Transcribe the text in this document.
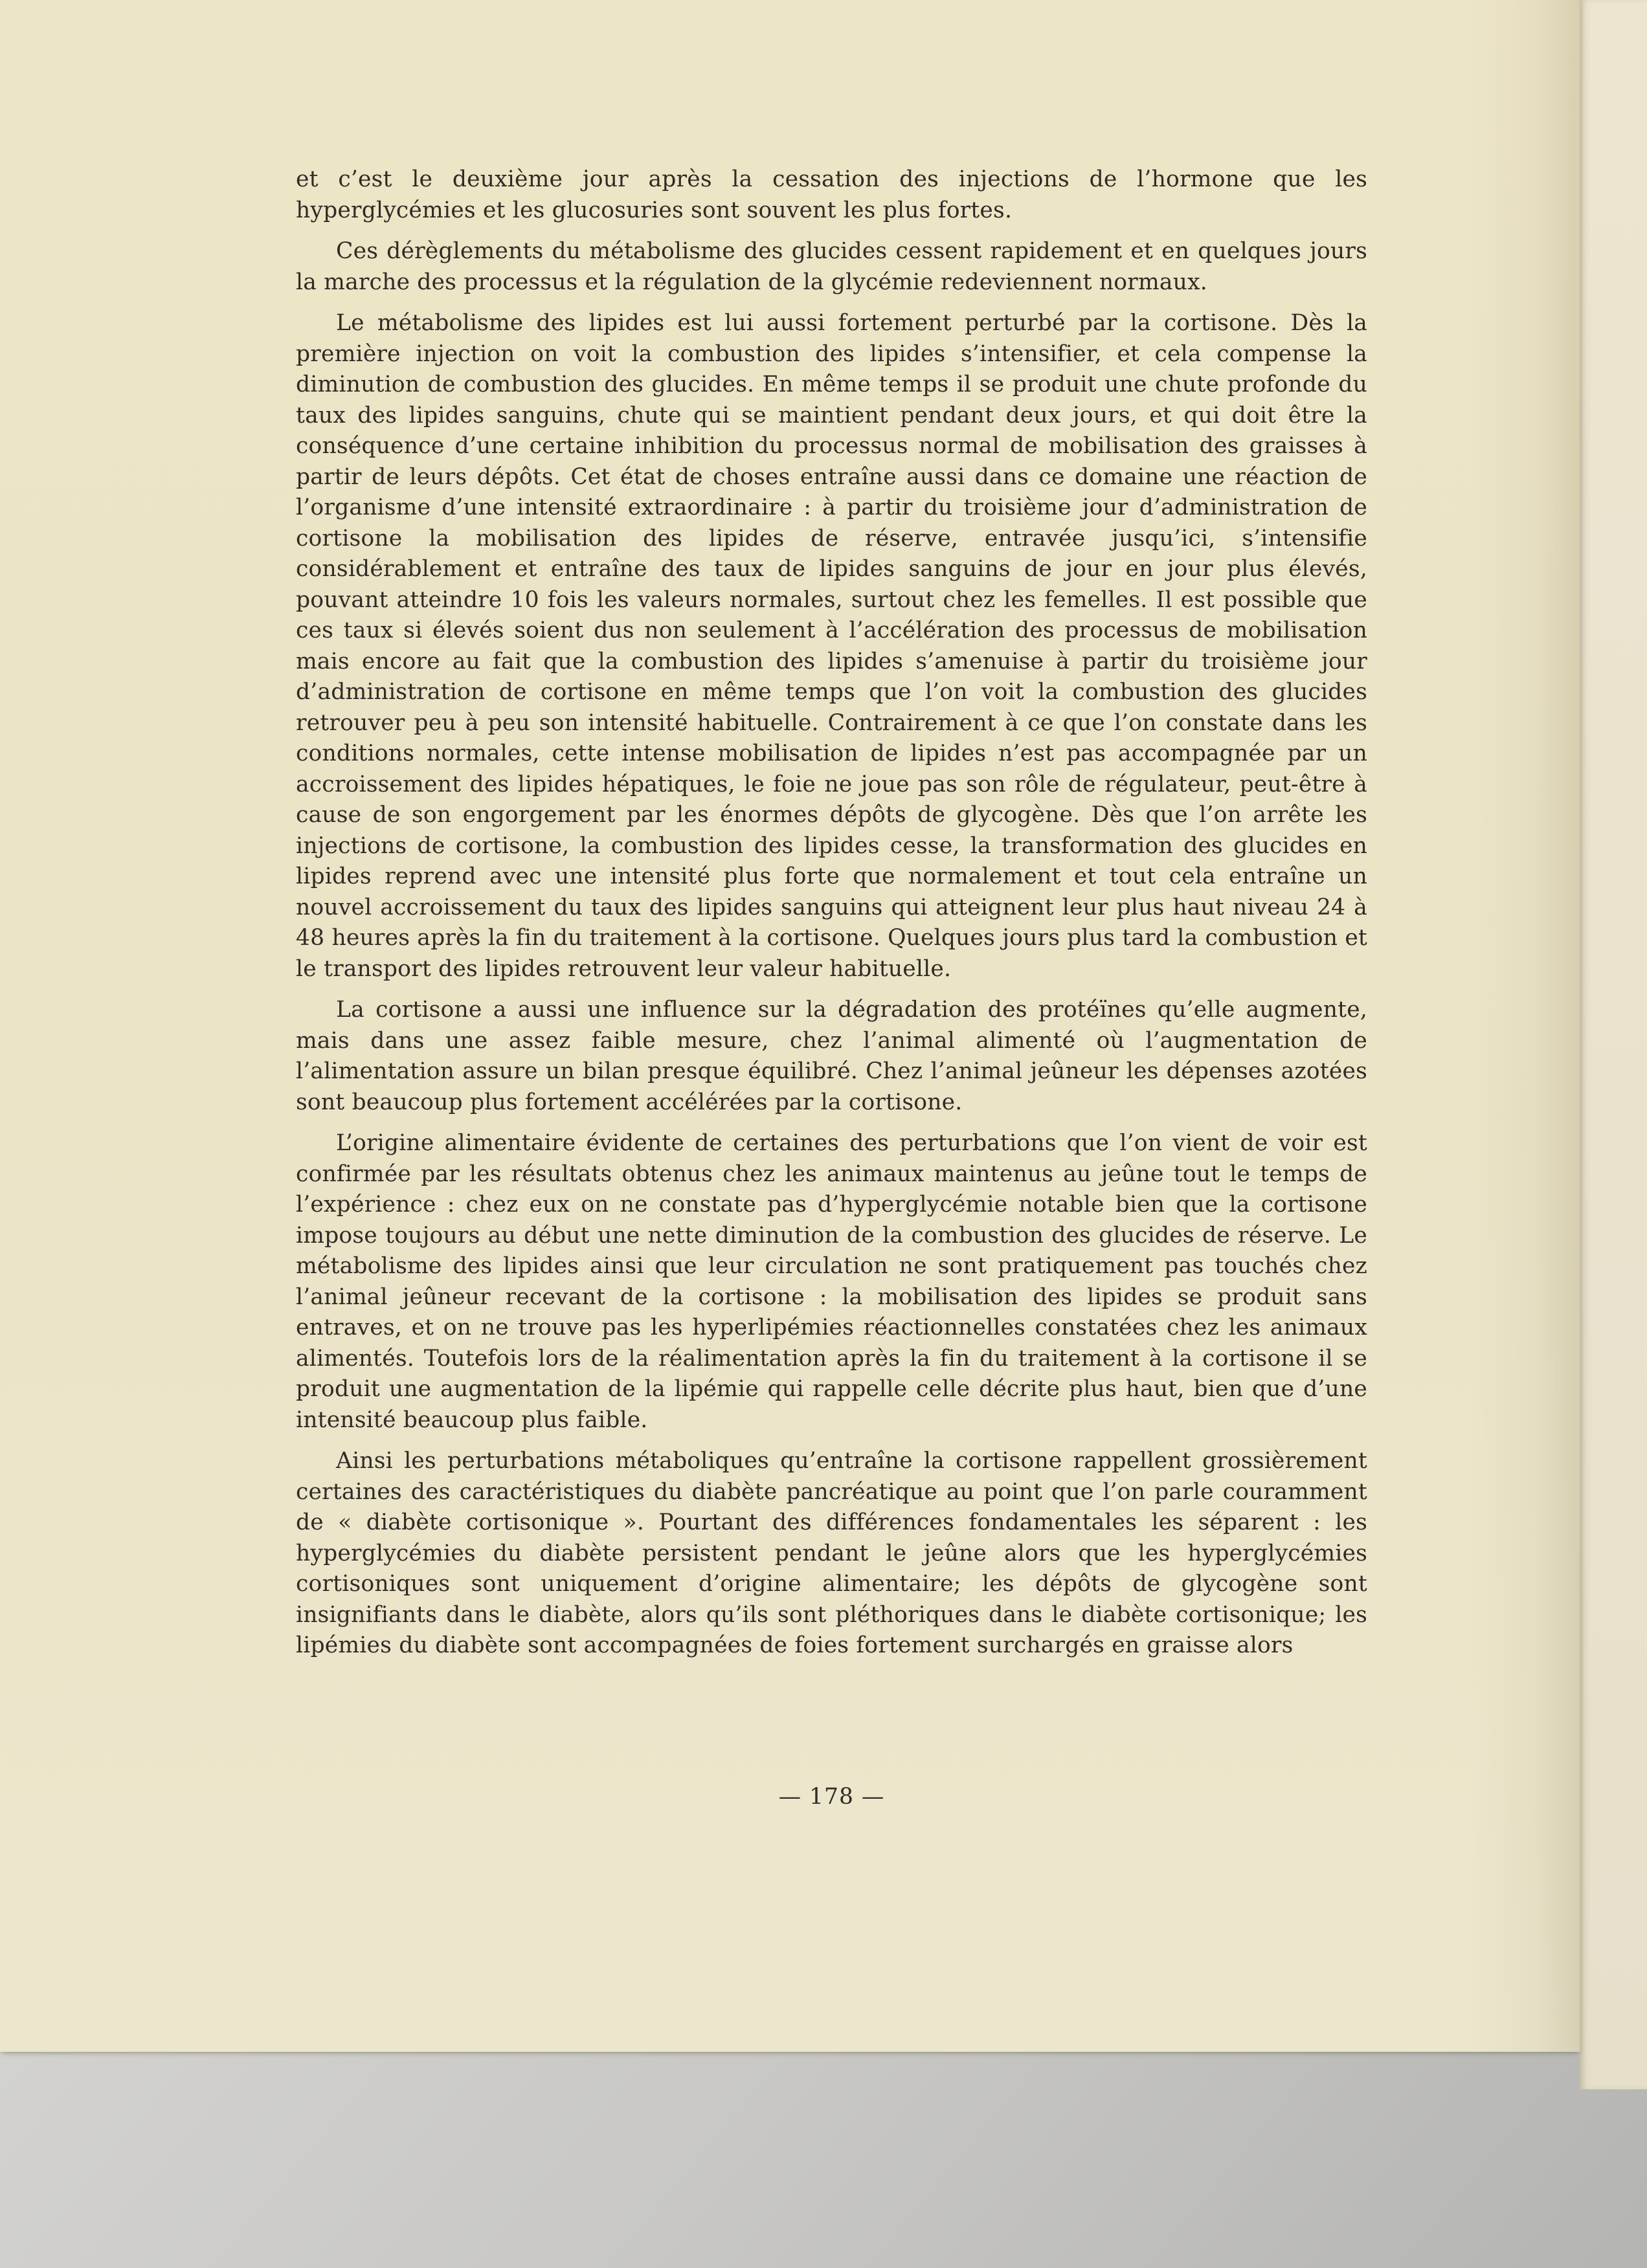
et c’est le deuxième jour après la cessation des injections de l’hormone que les hyperglycémies et les glucosuries sont souvent les plus fortes.

Ces dérèglements du métabolisme des glucides cessent rapidement et en quelques jours la marche des processus et la régulation de la glycémie redeviennent normaux.

Le métabolisme des lipides est lui aussi fortement perturbé par la cortisone. Dès la première injection on voit la combustion des lipides s’intensifier, et cela compense la diminution de combustion des glucides. En même temps il se produit une chute profonde du taux des lipides sanguins, chute qui se maintient pendant deux jours, et qui doit être la conséquence d’une certaine inhibition du processus normal de mobilisation des graisses à partir de leurs dépôts. Cet état de choses entraîne aussi dans ce domaine une réaction de l’organisme d’une intensité extraordinaire : à partir du troisième jour d’administration de cortisone la mobilisation des lipides de réserve, entravée jusqu’ici, s’intensifie considérablement et entraîne des taux de lipides sanguins de jour en jour plus élevés, pouvant atteindre 10 fois les valeurs normales, surtout chez les femelles. Il est possible que ces taux si élevés soient dus non seulement à l’accélération des processus de mobilisation mais encore au fait que la combustion des lipides s’amenuise à partir du troisième jour d’administration de cortisone en même temps que l’on voit la combustion des glucides retrouver peu à peu son intensité habituelle. Contrairement à ce que l’on constate dans les conditions normales, cette intense mobilisation de lipides n’est pas accompagnée par un accroissement des lipides hépatiques, le foie ne joue pas son rôle de régulateur, peut-être à cause de son engorgement par les énormes dépôts de glycogène. Dès que l’on arrête les injections de cortisone, la combustion des lipides cesse, la transformation des glucides en lipides reprend avec une intensité plus forte que normalement et tout cela entraîne un nouvel accroissement du taux des lipides sanguins qui atteignent leur plus haut niveau 24 à 48 heures après la fin du traitement à la cortisone. Quelques jours plus tard la combustion et le transport des lipides retrouvent leur valeur habituelle.

La cortisone a aussi une influence sur la dégradation des protéïnes qu’elle augmente, mais dans une assez faible mesure, chez l’animal alimenté où l’augmentation de l’alimentation assure un bilan presque équilibré. Chez l’animal jeûneur les dépenses azotées sont beaucoup plus fortement accélérées par la cortisone.

L’origine alimentaire évidente de certaines des perturbations que l’on vient de voir est confirmée par les résultats obtenus chez les animaux maintenus au jeûne tout le temps de l’expérience : chez eux on ne constate pas d’hyperglycémie notable bien que la cortisone impose toujours au début une nette diminution de la combustion des glucides de réserve. Le métabolisme des lipides ainsi que leur circulation ne sont pratiquement pas touchés chez l’animal jeûneur recevant de la cortisone : la mobilisation des lipides se produit sans entraves, et on ne trouve pas les hyperlipémies réactionnelles constatées chez les animaux alimentés. Toutefois lors de la réalimentation après la fin du traitement à la cortisone il se produit une augmentation de la lipémie qui rappelle celle décrite plus haut, bien que d’une intensité beaucoup plus faible.

Ainsi les perturbations métaboliques qu’entraîne la cortisone rappellent grossièrement certaines des caractéristiques du diabète pancréatique au point que l’on parle couramment de « diabète cortisonique ». Pourtant des différences fondamentales les séparent : les hyperglycémies du diabète persistent pendant le jeûne alors que les hyperglycémies cortisoniques sont uniquement d’origine alimentaire; les dépôts de glycogène sont insignifiants dans le diabète, alors qu’ils sont pléthoriques dans le diabète cortisonique; les lipémies du diabète sont accompagnées de foies fortement surchargés en graisse alors

— 178 —
